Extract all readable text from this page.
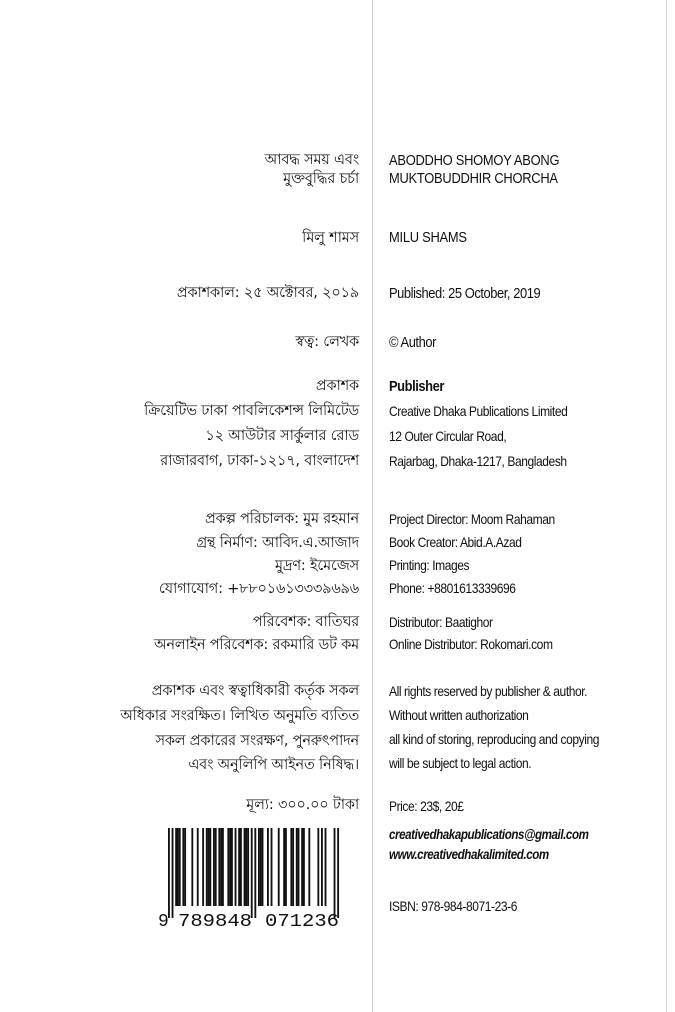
আবদ্ধ সময় এবং
মুক্তবুদ্ধির চর্চা
মিলু শামস
প্রকাশকাল: ২৫ অক্টোবর, ২০১৯
স্বত্ব: লেখক
প্রকাশক
ক্রিয়েটিভ ঢাকা পাবলিকেশন্স লিমিটেড
১২ আউটার সার্কুলার রোড
রাজারবাগ, ঢাকা-১২১৭, বাংলাদেশ
প্রকল্প পরিচালক: মুম রহমান
গ্রন্থ নির্মাণ: আবিদ.এ.আজাদ
মুদ্রণ: ইমেজেস
যোগাযোগ: +৮৮০১৬১৩৩৩৯৬৯৬
পরিবেশক: বাতিঘর
অনলাইন পরিবেশক: রকমারি ডট কম
প্রকাশক এবং স্বত্বাধিকারী কর্তৃক সকল
অধিকার সংরক্ষিত। লিখিত অনুমতি ব্যতিত
সকল প্রকারের সংরক্ষণ, পুনরুৎপাদন
এবং অনুলিপি আইনত নিষিদ্ধ।
মূল্য: ৩০০.০০ টাকা
ABODDHO SHOMOY ABONG
MUKTOBUDDHIR CHORCHA
MILU SHAMS
Published: 25 October, 2019
© Author
Publisher
Creative Dhaka Publications Limited
12 Outer Circular Road,
Rajarbag, Dhaka-1217, Bangladesh
Project Director: Moom Rahaman
Book Creator: Abid.A.Azad
Printing: Images
Phone: +8801613339696
Distributor: Baatighor
Online Distributor: Rokomari.com
All rights reserved by publisher & author.
Without written authorization
all kind of storing, reproducing and copying
will be subject to legal action.
Price: 23$, 20£
creativedhakapublications@gmail.com
www.creativedhakalimited.com
ISBN: 978-984-8071-23-6
9 789848 071236
